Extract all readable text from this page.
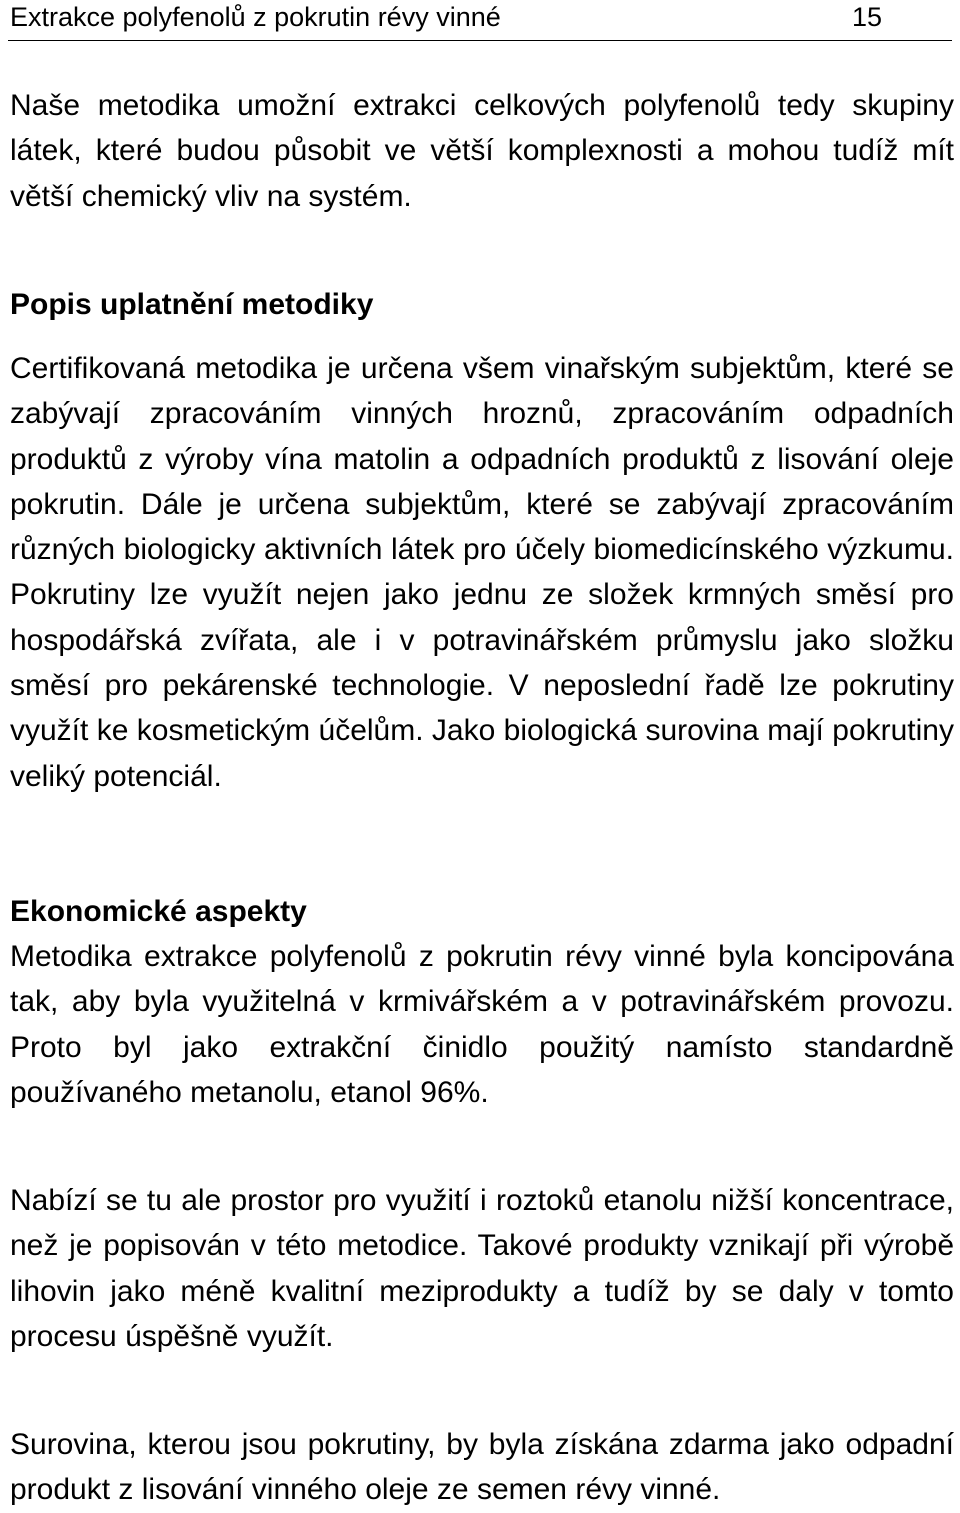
Extrakce polyfenolů z pokrutin révy vinné	15

Naše metodika umožní extrakci celkových polyfenolů tedy skupiny látek, které budou působit ve větší komplexnosti a mohou tudíž mít větší chemický vliv na systém.

Popis uplatnění metodiky

Certifikovaná metodika je určena všem vinařským subjektům, které se zabývají zpracováním vinných hroznů, zpracováním odpadních produktů z výroby vína matolin a odpadních produktů z lisování oleje pokrutin. Dále je určena subjektům, které se zabývají zpracováním různých biologicky aktivních látek pro účely biomedicínského výzkumu. Pokrutiny lze využít nejen jako jednu ze složek krmných směsí pro hospodářská zvířata, ale i v potravinářském průmyslu jako složku směsí pro pekárenské technologie. V neposlední řadě lze pokrutiny využít ke kosmetickým účelům. Jako biologická surovina mají pokrutiny veliký potenciál.

Ekonomické aspekty

Metodika extrakce polyfenolů z pokrutin révy vinné byla koncipována tak, aby byla využitelná v krmivářském a v potravinářském provozu. Proto byl jako extrakční činidlo použitý namísto standardně používaného metanolu, etanol 96%.

Nabízí se tu ale prostor pro využití i roztoků etanolu nižší koncentrace, než je popisován v této metodice. Takové produkty vznikají při výrobě lihovin jako méně kvalitní meziprodukty a tudíž by se daly v tomto procesu úspěšně využít.

Surovina, kterou jsou pokrutiny, by byla získána zdarma jako odpadní produkt z lisování vinného oleje ze semen révy vinné.
